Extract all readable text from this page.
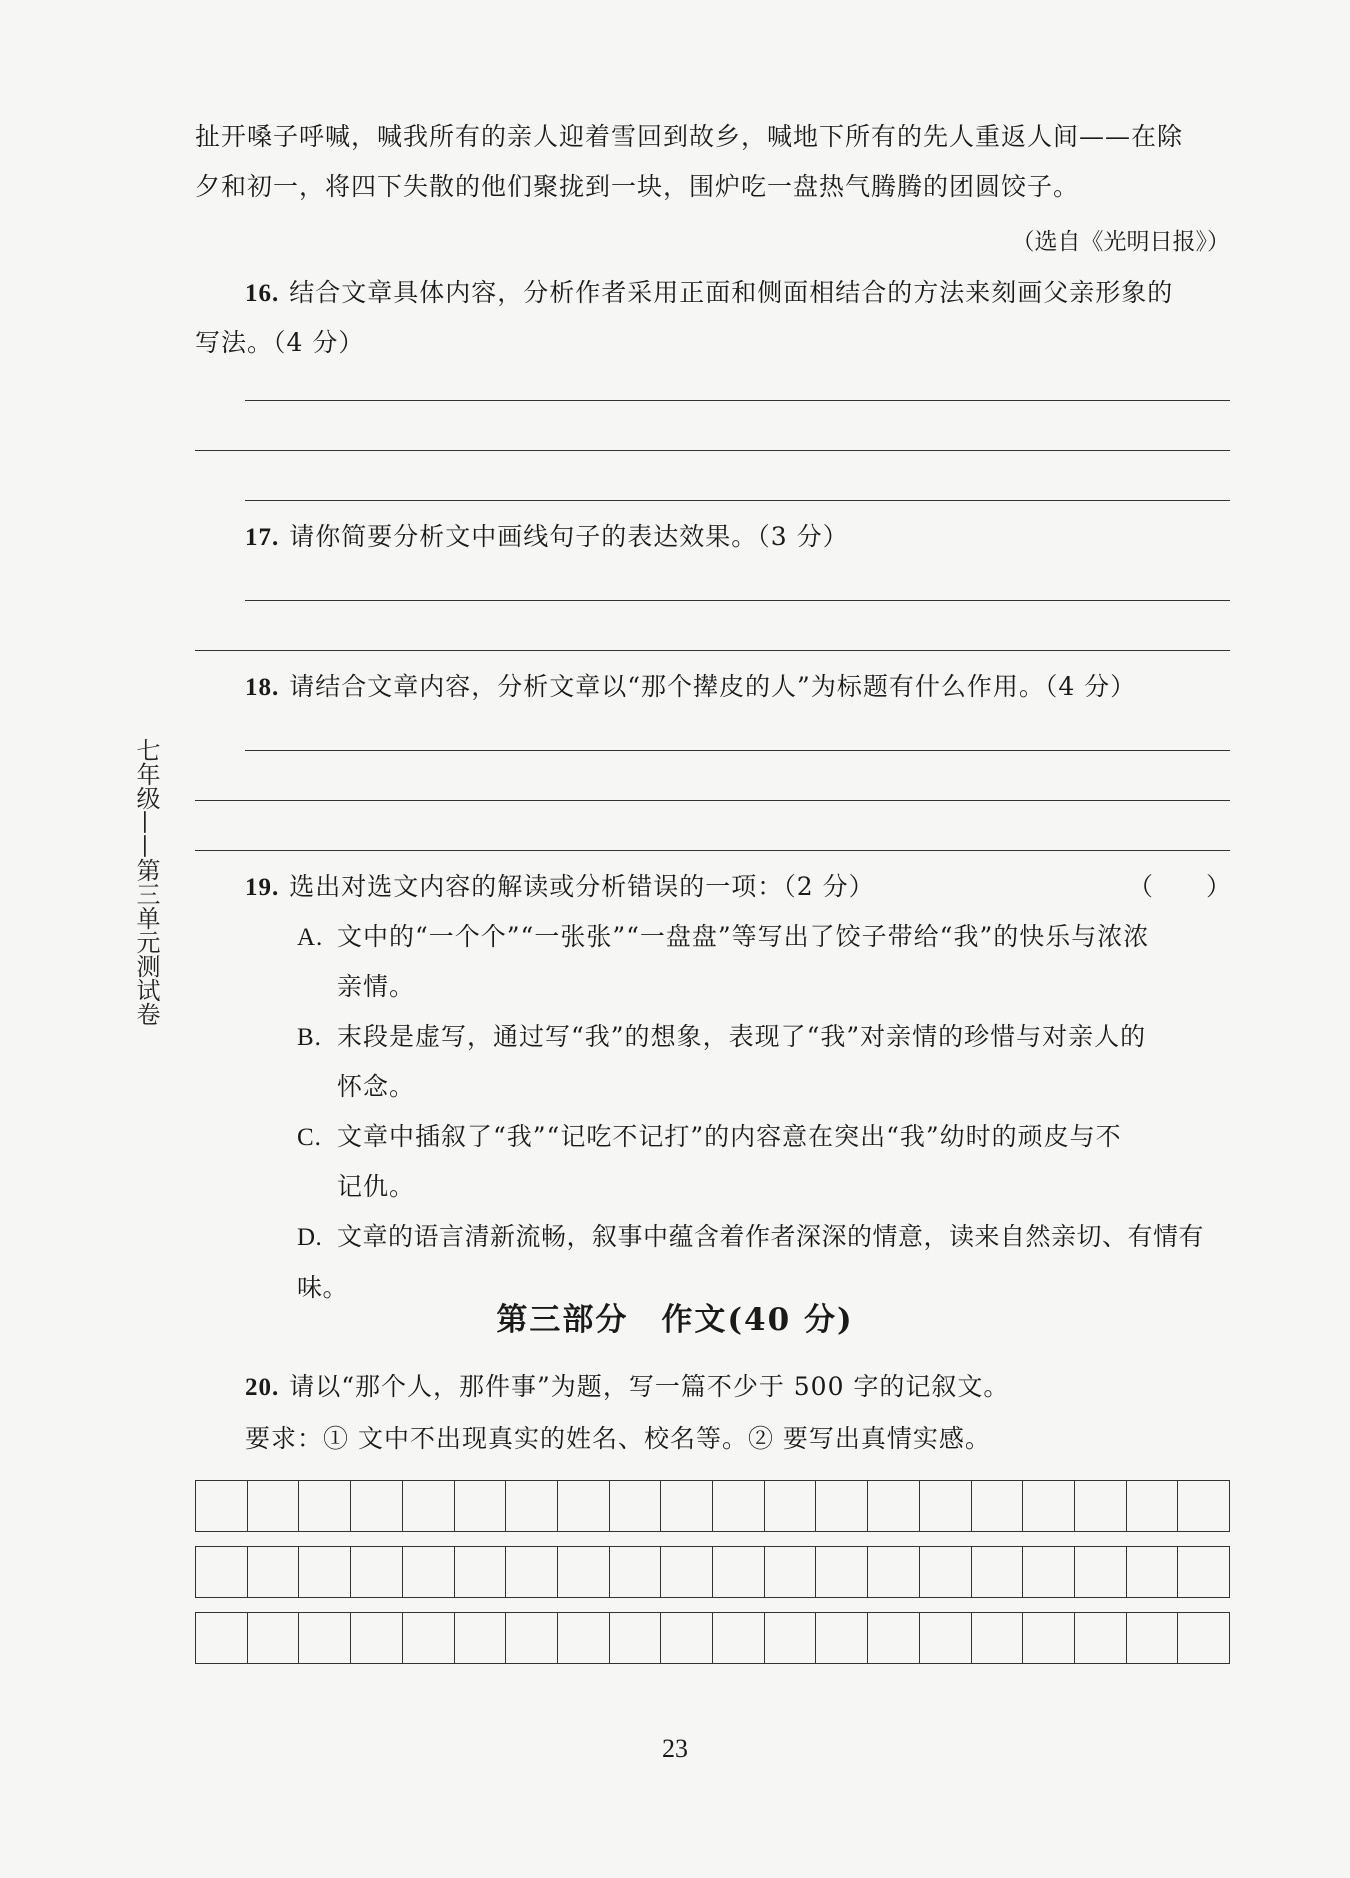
扯开嗓子呼喊，喊我所有的亲人迎着雪回到故乡，喊地下所有的先人重返人间——在除
夕和初一，将四下失散的他们聚拢到一块，围炉吃一盘热气腾腾的团圆饺子。
（选自《光明日报》）
16. 结合文章具体内容，分析作者采用正面和侧面相结合的方法来刻画父亲形象的
写法。（4 分）
17. 请你简要分析文中画线句子的表达效果。（3 分）
18. 请结合文章内容，分析文章以“那个撵皮的人”为标题有什么作用。（4 分）
19. 选出对选文内容的解读或分析错误的一项：（2 分）	（　　）
A. 文中的“一个个”“一张张”“一盘盘”等写出了饺子带给“我”的快乐与浓浓
亲情。
B. 末段是虚写，通过写“我”的想象，表现了“我”对亲情的珍惜与对亲人的
怀念。
C. 文章中插叙了“我”“记吃不记打”的内容意在突出“我”幼时的顽皮与不
记仇。
D. 文章的语言清新流畅，叙事中蕴含着作者深深的情意，读来自然亲切、有情有味。
第三部分　作文(40 分)
20. 请以“那个人，那件事”为题，写一篇不少于 500 字的记叙文。
要求：① 文中不出现真实的姓名、校名等。② 要写出真情实感。
七年级——第三单元测试卷
23
